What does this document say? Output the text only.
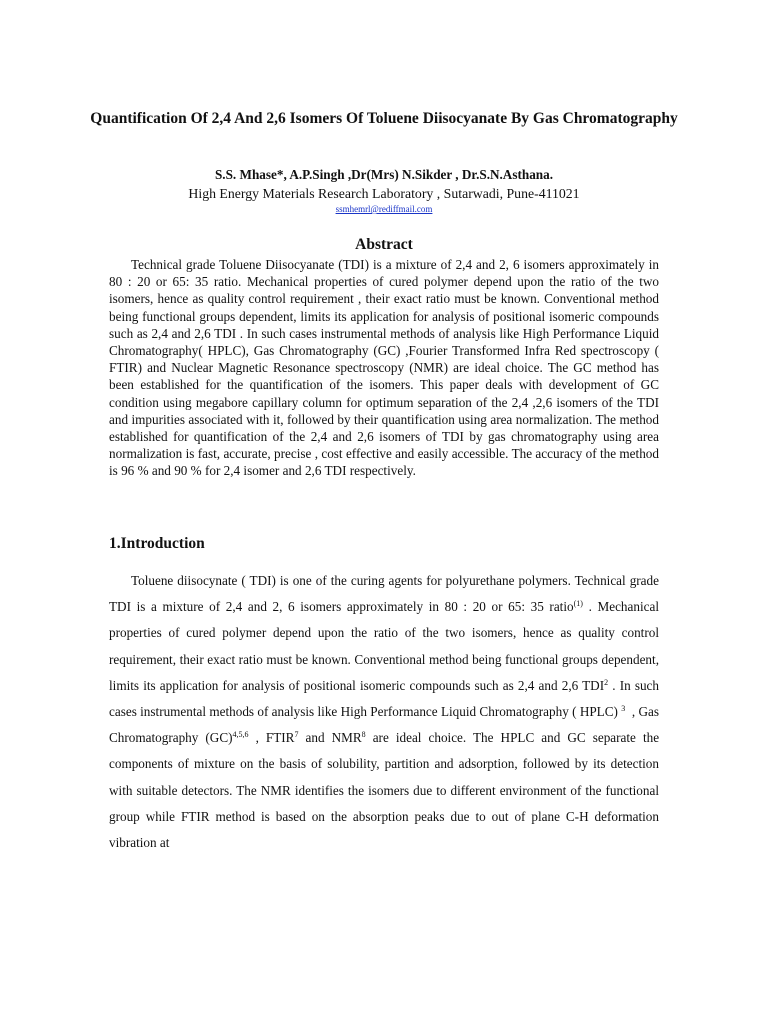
Quantification Of 2,4 And 2,6 Isomers Of Toluene Diisocyanate By Gas Chromatography
S.S. Mhase*, A.P.Singh ,Dr(Mrs) N.Sikder , Dr.S.N.Asthana.
High Energy Materials Research Laboratory , Sutarwadi, Pune-411021
ssmhemrl@rediffmail.com
Abstract

Technical grade Toluene Diisocyanate (TDI) is a mixture of 2,4 and 2, 6 isomers approximately in 80 : 20 or 65: 35 ratio. Mechanical properties of cured polymer depend upon the ratio of the two isomers, hence as quality control requirement , their exact ratio must be known. Conventional method being functional groups dependent, limits its application for analysis of positional isomeric compounds such as 2,4 and 2,6 TDI . In such cases instrumental methods of analysis like High Performance Liquid Chromatography( HPLC), Gas Chromatography (GC) ,Fourier Transformed Infra Red spectroscopy ( FTIR) and Nuclear Magnetic Resonance spectroscopy (NMR) are ideal choice. The GC method has been established for the quantification of the isomers. This paper deals with development of GC condition using megabore capillary column for optimum separation of the 2,4 ,2,6 isomers of the TDI and impurities associated with it, followed by their quantification using area normalization. The method established for quantification of the 2,4 and 2,6 isomers of TDI by gas chromatography using area normalization is fast, accurate, precise , cost effective and easily accessible. The accuracy of the method is 96 % and 90 % for 2,4 isomer and 2,6 TDI respectively.

1.Introduction

Toluene diisocynate ( TDI) is one of the curing agents for polyurethane polymers. Technical grade TDI is a mixture of 2,4 and 2, 6 isomers approximately in 80 : 20 or 65: 35 ratio$^{(1)}$ . Mechanical properties of cured polymer depend upon the ratio of the two isomers, hence as quality control requirement, their exact ratio must be known. Conventional method being functional groups dependent, limits its application for analysis of positional isomeric compounds such as 2,4 and 2,6 TDI$^2$ . In such cases instrumental methods of analysis like High Performance Liquid Chromatography ( HPLC) $^3$ , Gas Chromatography (GC)$^{4,5,6}$ , FTIR$^7$ and NMR$^8$ are ideal choice. The HPLC and GC separate the components of mixture on the basis of solubility, partition and adsorption, followed by its detection with suitable detectors. The NMR identifies the isomers due to different environment of the functional group while FTIR method is based on the absorption peaks due to out of plane C-H deformation vibration at
